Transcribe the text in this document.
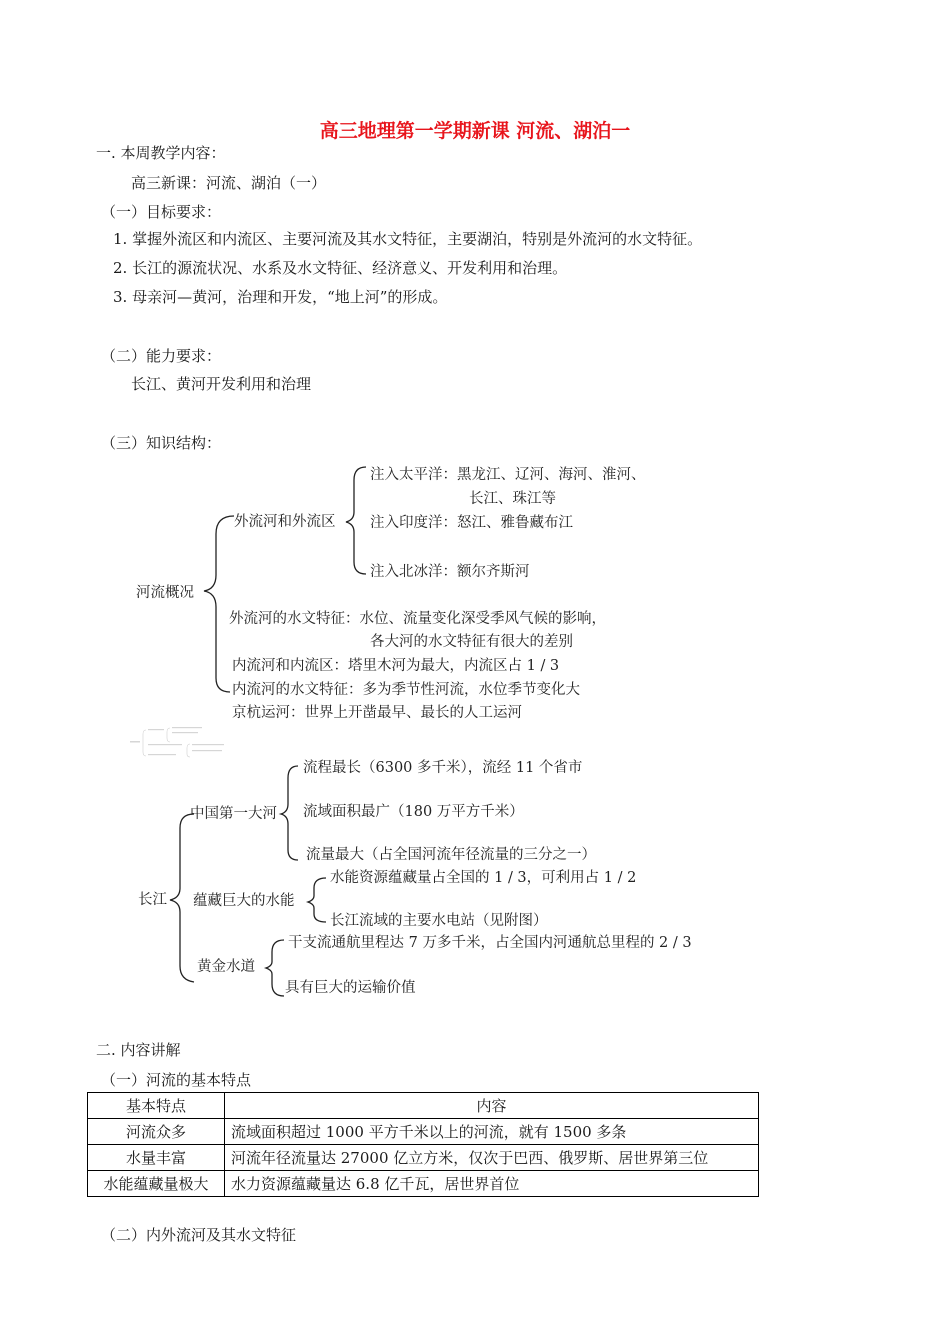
高三地理第一学期新课 河流、湖泊一
一. 本周教学内容：
高三新课：河流、湖泊（一）
（一）目标要求：
1. 掌握外流区和内流区、主要河流及其水文特征，主要湖泊，特别是外流河的水文特征。
2. 长江的源流状况、水系及水文特征、经济意义、开发利用和治理。
3. 母亲河—黄河，治理和开发，“地上河”的形成。
（二）能力要求：
长江、黄河开发利用和治理
（三）知识结构：
河流概况
外流河和外流区
注入太平洋：黑龙江、辽河、海河、淮河、
长江、珠江等
注入印度洋：怒江、雅鲁藏布江
注入北冰洋：额尔齐斯河
外流河的水文特征：水位、流量变化深受季风气候的影响，
各大河的水文特征有很大的差别
内流河和内流区：塔里木河为最大，内流区占 1 / 3
内流河的水文特征：多为季节性河流，水位季节变化大
京杭运河：世界上开凿最早、最长的人工运河
长江
中国第一大河
流程最长（6300 多千米），流经 11 个省市
流域面积最广（180 万平方千米）
流量最大（占全国河流年径流量的三分之一）
蕴藏巨大的水能
水能资源蕴藏量占全国的 1 / 3，可利用占 1 / 2
长江流域的主要水电站（见附图）
黄金水道
干支流通航里程达 7 万多千米，占全国内河通航总里程的 2 / 3
具有巨大的运输价值
二. 内容讲解
（一）河流的基本特点
基本特点	内容
河流众多	流域面积超过 1000 平方千米以上的河流，就有 1500 多条
水量丰富	河流年径流量达 27000 亿立方米，仅次于巴西、俄罗斯、居世界第三位
水能蕴藏量极大	水力资源蕴藏量达 6.8 亿千瓦，居世界首位
（二）内外流河及其水文特征
